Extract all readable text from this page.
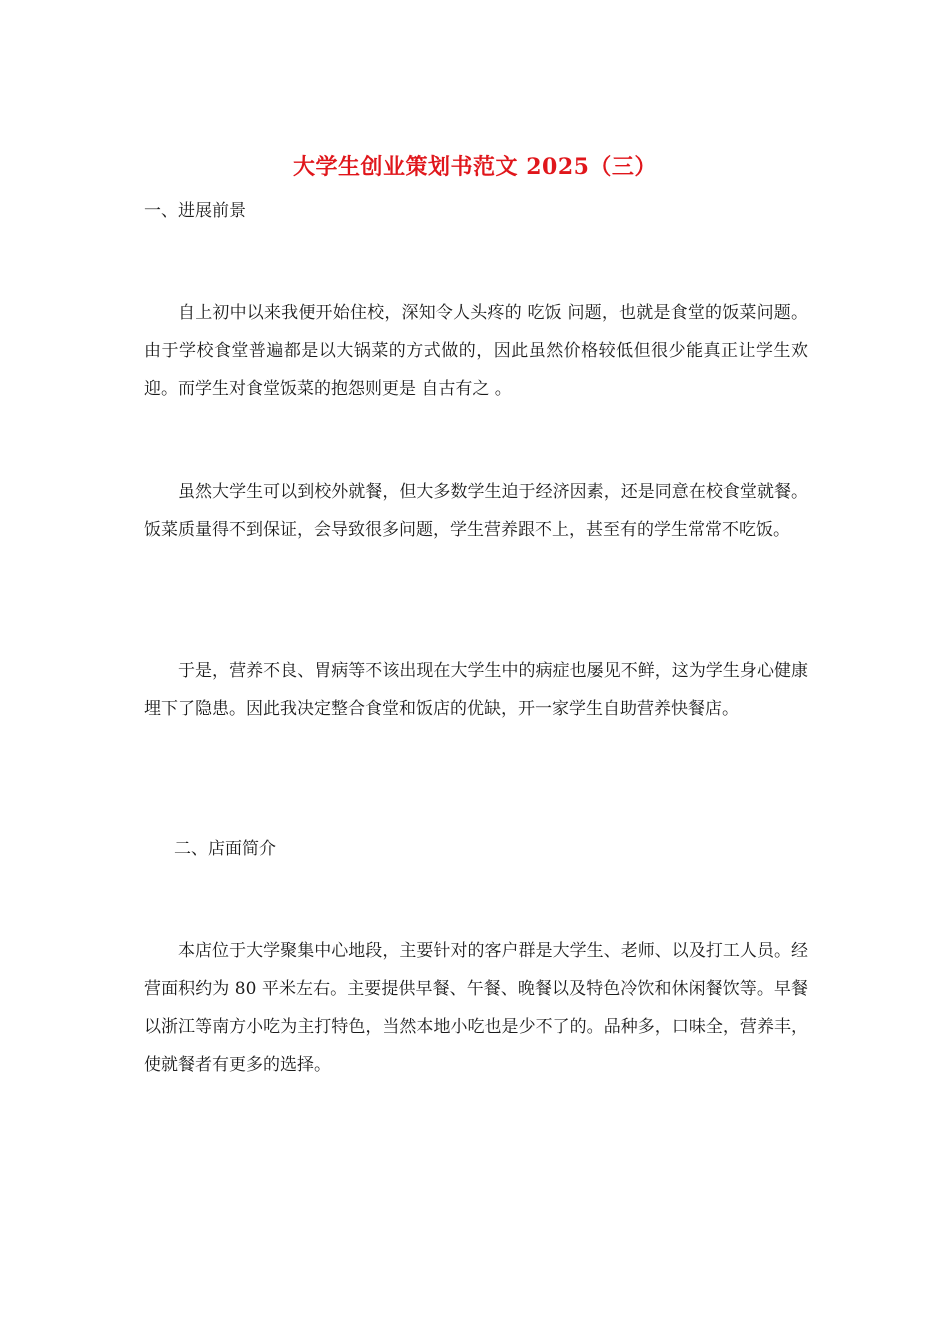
大学生创业策划书范文 2025（三）
一、进展前景

自上初中以来我便开始住校，深知令人头疼的 吃饭 问题，也就是食堂的饭菜问题。由于学校食堂普遍都是以大锅菜的方式做的，因此虽然价格较低但很少能真正让学生欢迎。而学生对食堂饭菜的抱怨则更是 自古有之 。

虽然大学生可以到校外就餐，但大多数学生迫于经济因素，还是同意在校食堂就餐。饭菜质量得不到保证，会导致很多问题，学生营养跟不上，甚至有的学生常常不吃饭。

于是，营养不良、胃病等不该出现在大学生中的病症也屡见不鲜，这为学生身心健康埋下了隐患。因此我决定整合食堂和饭店的优缺，开一家学生自助营养快餐店。

二、店面简介

本店位于大学聚集中心地段，主要针对的客户群是大学生、老师、以及打工人员。经营面积约为 80 平米左右。主要提供早餐、午餐、晚餐以及特色冷饮和休闲餐饮等。早餐以浙江等南方小吃为主打特色，当然本地小吃也是少不了的。品种多，口味全，营养丰，使就餐者有更多的选择。
